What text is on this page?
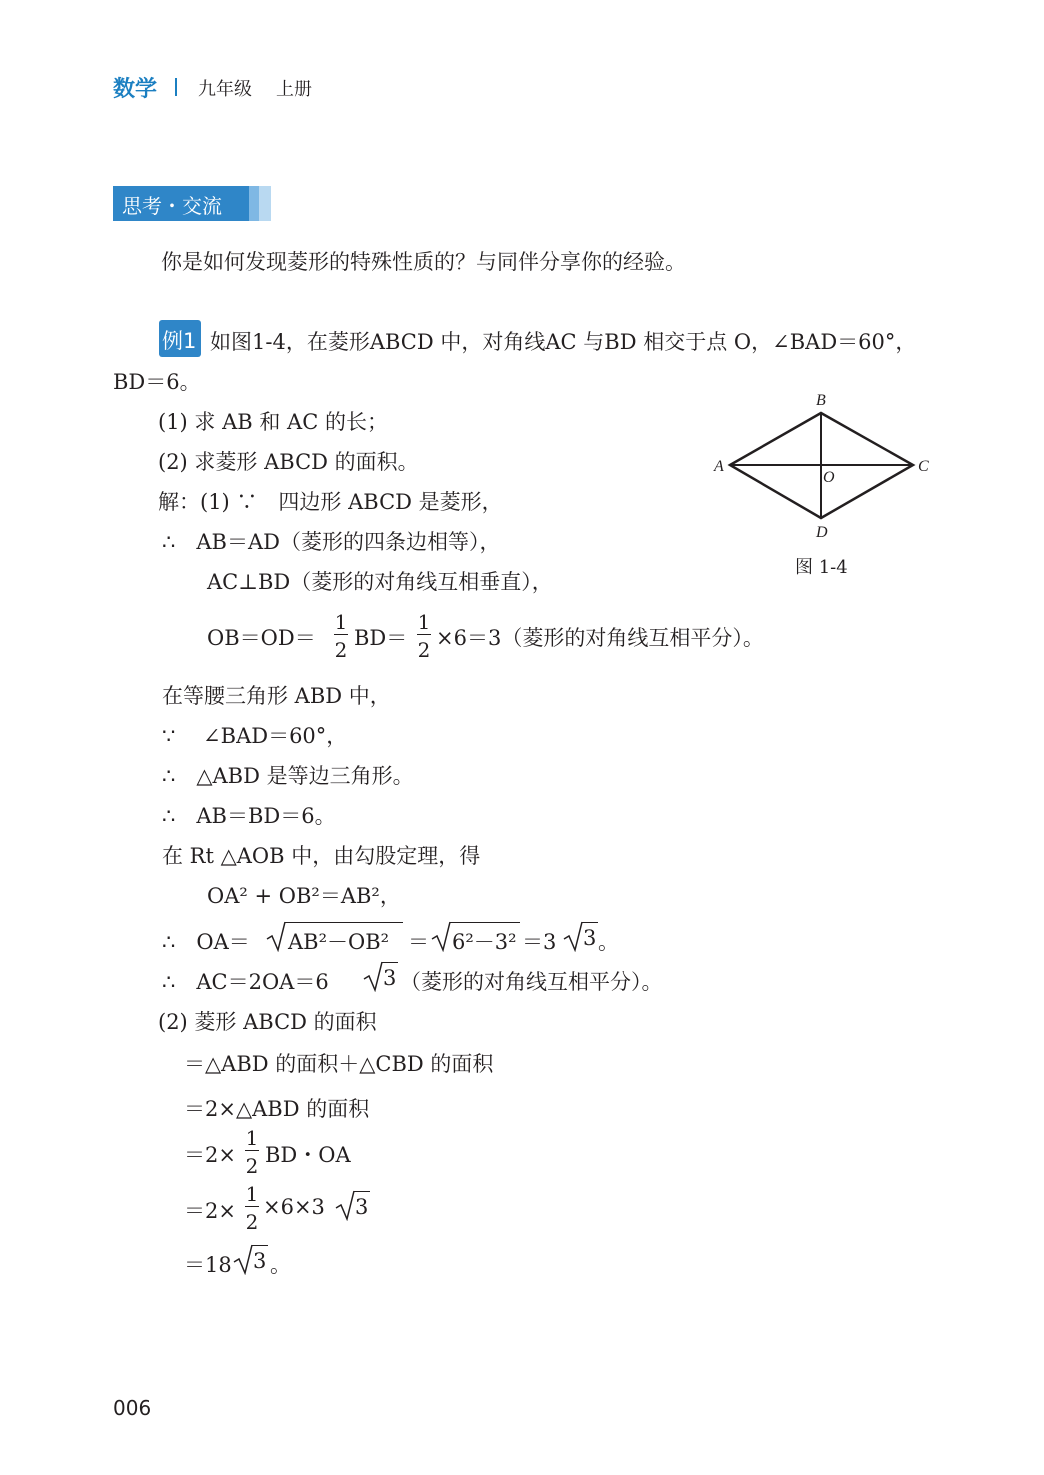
数学 九年级 上册
思考・交流
你是如何发现菱形的特殊性质的？与同伴分享你的经验。
例1 如图1-4，在菱形ABCD 中，对角线AC 与BD 相交于点 O，∠BAD＝60°，
BD＝6。
(1) 求 AB 和 AC 的长；
(2) 求菱形 ABCD 的面积。	A
B
C
D
O
图 1-4
解：(1) ∵　四边形 ABCD 是菱形，
∴　AB＝AD（菱形的四条边相等），
AC⊥BD（菱形的对角线互相垂直），
OB＝OD＝
1
2 BD＝
1
2 ×6＝3（菱形的对角线互相平分）。
在等腰三角形 ABD 中，
∵　 ∠BAD＝60°，
∴　△ABD 是等边三角形。
∴　AB＝BD＝6。
在 Rt △AOB 中，由勾股定理，得
OA² + OB²＝AB²，
∴　OA＝ AB²－OB² ＝ 6²－3² ＝3 3 。
∴　AC＝2OA＝6	3 （菱形的对角线互相平分）。
(2) 菱形 ABCD 的面积
＝△ABD 的面积＋△CBD 的面积
＝2×△ABD 的面积
＝2×
1
2 BD・OA
＝2×
1
2
×6×3 3
＝18 3 。
006
